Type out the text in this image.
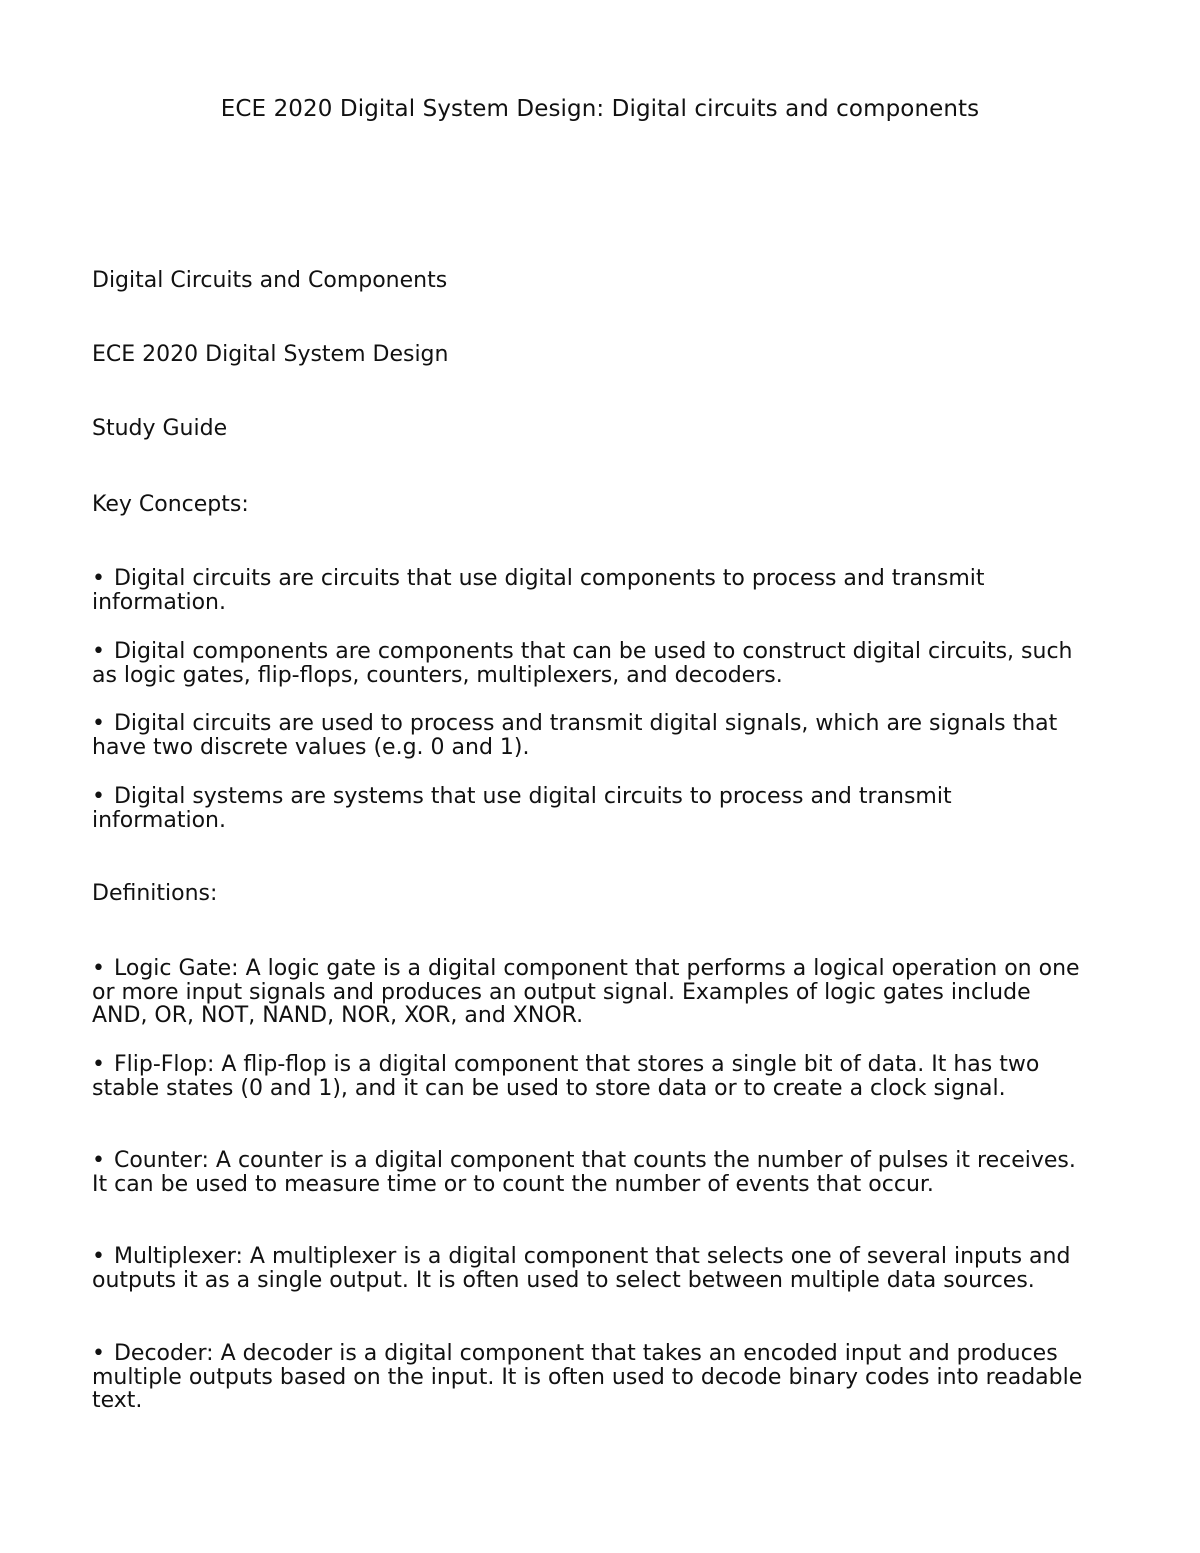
ECE 2020 Digital System Design: Digital circuits and components

Digital Circuits and Components

ECE 2020 Digital System Design

Study Guide

Key Concepts:

• Digital circuits are circuits that use digital components to process and transmit information.

• Digital components are components that can be used to construct digital circuits, such as logic gates, flip-flops, counters, multiplexers, and decoders.

• Digital circuits are used to process and transmit digital signals, which are signals that have two discrete values (e.g. 0 and 1).

• Digital systems are systems that use digital circuits to process and transmit information.

Definitions:

• Logic Gate: A logic gate is a digital component that performs a logical operation on one or more input signals and produces an output signal. Examples of logic gates include AND, OR, NOT, NAND, NOR, XOR, and XNOR.

• Flip-Flop: A flip-flop is a digital component that stores a single bit of data. It has two stable states (0 and 1), and it can be used to store data or to create a clock signal.

• Counter: A counter is a digital component that counts the number of pulses it receives. It can be used to measure time or to count the number of events that occur.

• Multiplexer: A multiplexer is a digital component that selects one of several inputs and outputs it as a single output. It is often used to select between multiple data sources.

• Decoder: A decoder is a digital component that takes an encoded input and produces multiple outputs based on the input. It is often used to decode binary codes into readable text.
